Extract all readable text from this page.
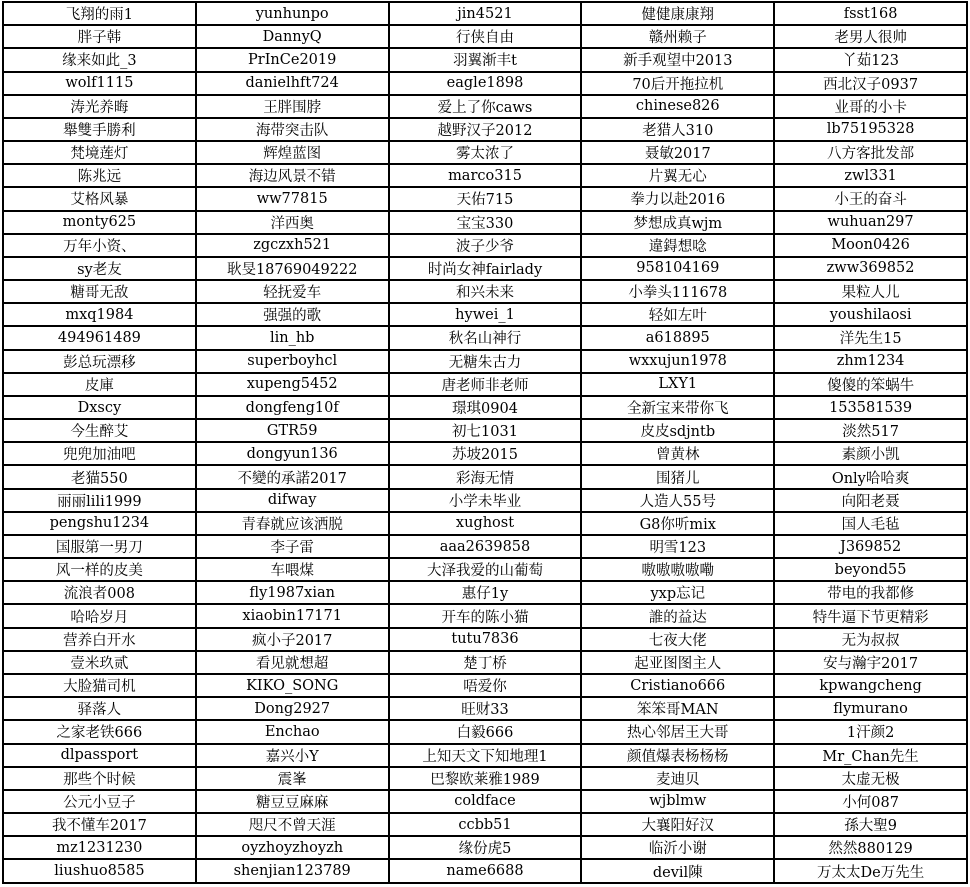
飞翔的雨1	yunhunpo	jin4521	健健康康翔	fsst168
胖子韩	DannyQ	行侠自由	赣州赖子	老男人很帅
缘来如此_3	PrInCe2019	羽翼渐丰t	新手观望中2013	丫茹123
wolf1115	danielhft724	eagle1898	70后开拖拉机	西北汉子0937
涛光养晦	王胖围脖	爱上了你caws	chinese826	业哥的小卡
舉雙手勝利	海带突击队	越野汉子2012	老猎人310	lb75195328
梵境莲灯	辉煌蓝图	雾太浓了	聂敏2017	八方客批发部
陈兆远	海边风景不错	marco315	片翼无心	zwl331
艾格风暴	ww77815	天佑715	拳力以赴2016	小王的奋斗
monty625	洋西奥	宝宝330	梦想成真wjm	wuhuan297
万年小资、	zgczxh521	波子少爷	違鍀想唸	Moon0426
sy老友	耿旻18769049222	时尚女神fairlady	958104169	zww369852
糖哥无敌	轻抚爱车	和兴未来	小拳头111678	果粒人儿
mxq1984	强强的歌	hywei_1	轻如左叶	youshilaosi
494961489	lin_hb	秋名山神行	a618895	洋先生15
彭总玩漂移	superboyhcl	无糖朱古力	wxxujun1978	zhm1234
皮庫	xupeng5452	唐老师非老师	LXY1	傻傻的笨蜗牛
Dxscy	dongfeng10f	璟琪0904	全新宝来带你飞	153581539
今生醉艾	GTR59	初七1031	皮皮sdjntb	淡然517
兜兜加油吧	dongyun136	苏坡2015	曾黄林	素颜小凯
老猫550	不變的承諾2017	彩海无情	围猪儿	Only哈哈爽
丽丽lili1999	difway	小学未毕业	人造人55号	向阳老聂
pengshu1234	青春就应该洒脱	xughost	G8你听mix	国人毛毡
国服第一男刀	李子雷	aaa2639858	明雪123	J369852
风一样的皮美	车喂煤	大泽我爱的山葡萄	嗷嗷嗷嗷嘞	beyond55
流浪者008	fly1987xian	惠仔1y	yxp忘记	带电的我都修
哈哈岁月	xiaobin17171	开车的陈小猫	誰的益达	特牛逼下节更精彩
营养白开水	疯小子2017	tutu7836	七夜大佬	无为叔叔
壹米玖贰	看见就想超	楚丁桥	起亚图图主人	安与瀚宇2017
大脸猫司机	KIKO_SONG	唔爱你	Cristiano666	kpwangcheng
驿落人	Dong2927	旺财33	笨笨哥MAN	flymurano
之家老铁666	Enchao	白毅666	热心邻居王大哥	1汗颜2
dlpassport	嘉兴小Y	上知天文下知地理1	颜值爆表杨杨杨	Mr_Chan先生
那些个时候	震峯	巴黎欧莱雅1989	麦迪贝	太虚无极
公元小豆子	糖豆豆麻麻	coldface	wjblmw	小何087
我不懂车2017	咫尺不曾天涯	ccbb51	大襄阳好汉	孫大聖9
mz1231230	oyzhoyzhoyzh	缘份虎5	临沂小谢	然然880129
liushuo8585	shenjian123789	name6688	devil陳	万太太De万先生
